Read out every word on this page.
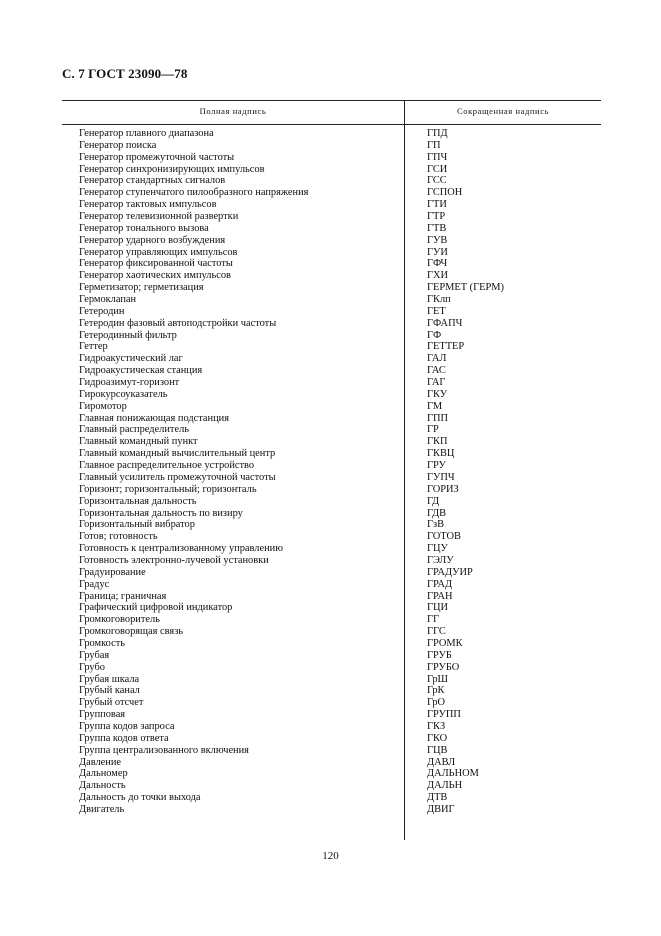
С. 7 ГОСТ 23090—78
Полная надпись	Сокращенная надпись
Генератор плавного диапазона	ГПД
Генератор поиска	ГП
Генератор промежуточной частоты	ГПЧ
Генератор синхронизирующих импульсов	ГСИ
Генератор стандартных сигналов	ГСС
Генератор ступенчатого пилообразного напряжения	ГСПОН
Генератор тактовых импульсов	ГТИ
Генератор телевизионной развертки	ГТР
Генератор тонального вызова	ГТВ
Генератор ударного возбуждения	ГУВ
Генератор управляющих импульсов	ГУИ
Генератор фиксированной частоты	ГФЧ
Генератор хаотических импульсов	ГХИ
Герметизатор; герметизация	ГЕРМЕТ (ГЕРМ)
Гермоклапан	ГКлп
Гетеродин	ГЕТ
Гетеродин фазовый автоподстройки частоты	ГФАПЧ
Гетеродинный фильтр	ГФ
Геттер	ГЕТТЕР
Гидроакустический лаг	ГАЛ
Гидроакустическая станция	ГАС
Гидроазимут-горизонт	ГАГ
Гирокурсоуказатель	ГКУ
Гиромотор	ГМ
Главная понижающая подстанция	ГПП
Главный распределитель	ГР
Главный командный пункт	ГКП
Главный командный вычислительный центр	ГКВЦ
Главное распределительное устройство	ГРУ
Главный усилитель промежуточной частоты	ГУПЧ
Горизонт; горизонтальный; горизонталь	ГОРИЗ
Горизонтальная дальность	ГД
Горизонтальная дальность по визиру	ГДВ
Горизонтальный вибратор	ГзВ
Готов; готовность	ГОТОВ
Готовность к централизованному управлению	ГЦУ
Готовность электронно-лучевой установки	ГЭЛУ
Градуирование	ГРАДУИР
Градус	ГРАД
Граница; граничная	ГРАН
Графический цифровой индикатор	ГЦИ
Громкоговоритель	ГГ
Громкоговорящая связь	ГГС
Громкость	ГРОМК
Грубая	ГРУБ
Грубо	ГРУБО
Грубая шкала	ГрШ
Грубый канал	ГрК
Грубый отсчет	ГрО
Групповая	ГРУПП
Группа кодов запроса	ГКЗ
Группа кодов ответа	ГКО
Группа централизованного включения	ГЦВ
Давление	ДАВЛ
Дальномер	ДАЛЬНОМ
Дальность	ДАЛЬН
Дальность до точки выхода	ДТВ
Двигатель	ДВИГ
120
